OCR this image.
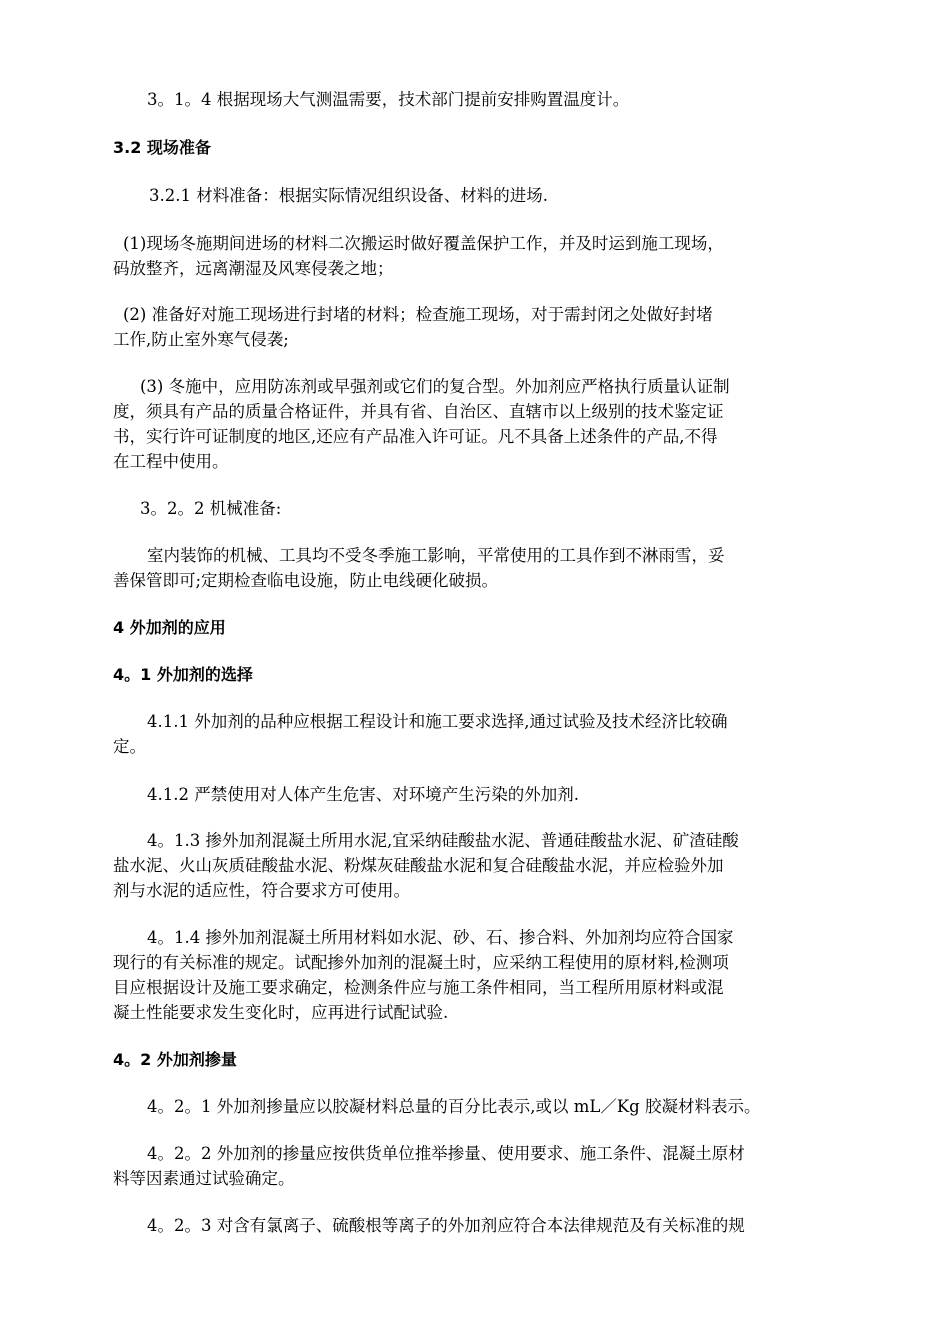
3。1。4 根据现场大气测温需要，技术部门提前安排购置温度计。
3.2 现场准备
3.2.1 材料准备：根据实际情况组织设备、材料的进场.
(1)现场冬施期间进场的材料二次搬运时做好覆盖保护工作，并及时运到施工现场，
码放整齐，远离潮湿及风寒侵袭之地；
(2) 准备好对施工现场进行封堵的材料；检查施工现场，对于需封闭之处做好封堵
工作,防止室外寒气侵袭;
(3) 冬施中，应用防冻剂或早强剂或它们的复合型。外加剂应严格执行质量认证制
度，须具有产品的质量合格证件，并具有省、自治区、直辖市以上级别的技术鉴定证
书，实行许可证制度的地区,还应有产品准入许可证。凡不具备上述条件的产品,不得
在工程中使用。
3。2。2 机械准备:
室内装饰的机械、工具均不受冬季施工影响，平常使用的工具作到不淋雨雪，妥
善保管即可;定期检查临电设施，防止电线硬化破损。
4 外加剂的应用
4。1 外加剂的选择
4.1.1 外加剂的品种应根据工程设计和施工要求选择,通过试验及技术经济比较确
定。
4.1.2 严禁使用对人体产生危害、对环境产生污染的外加剂.
4。1.3 掺外加剂混凝土所用水泥,宜采纳硅酸盐水泥、普通硅酸盐水泥、矿渣硅酸
盐水泥、火山灰质硅酸盐水泥、粉煤灰硅酸盐水泥和复合硅酸盐水泥，并应检验外加
剂与水泥的适应性，符合要求方可使用。
4。1.4 掺外加剂混凝土所用材料如水泥、砂、石、掺合料、外加剂均应符合国家
现行的有关标准的规定。试配掺外加剂的混凝土时，应采纳工程使用的原材料,检测项
目应根据设计及施工要求确定，检测条件应与施工条件相同，当工程所用原材料或混
凝土性能要求发生变化时，应再进行试配试验.
4。2 外加剂掺量
4。2。1 外加剂掺量应以胶凝材料总量的百分比表示,或以 mL／Kg 胶凝材料表示。
4。2。2 外加剂的掺量应按供货单位推举掺量、使用要求、施工条件、混凝土原材
料等因素通过试验确定。
4。2。3 对含有氯离子、硫酸根等离子的外加剂应符合本法律规范及有关标准的规
